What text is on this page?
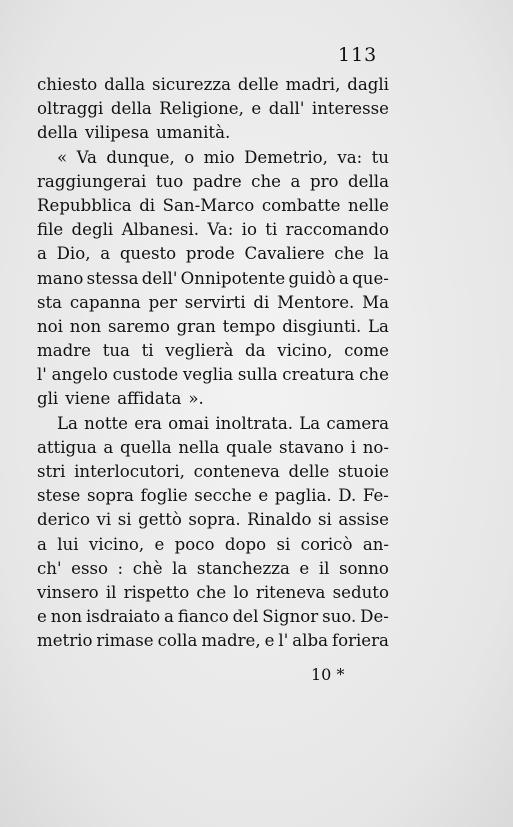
113
chiesto dalla sicurezza delle madri, dagli
oltraggi della Religione, e dall' interesse
della vilipesa umanità.
« Va dunque, o mio Demetrio, va: tu
raggiungerai tuo padre che a pro della
Repubblica di San-Marco combatte nelle
file degli Albanesi. Va: io ti raccomando
a Dio, a questo prode Cavaliere che la
mano stessa dell' Onnipotente guidò a que-
sta capanna per servirti di Mentore. Ma
noi non saremo gran tempo disgiunti. La
madre tua ti veglierà da vicino, come
l' angelo custode veglia sulla creatura che
gli viene affidata ».
La notte era omai inoltrata. La camera
attigua a quella nella quale stavano i no-
stri interlocutori, conteneva delle stuoie
stese sopra foglie secche e paglia. D. Fe-
derico vi si gettò sopra. Rinaldo si assise
a lui vicino, e poco dopo si coricò an-
ch' esso : chè la stanchezza e il sonno
vinsero il rispetto che lo riteneva seduto
e non isdraiato a fianco del Signor suo. De-
metrio rimase colla madre, e l' alba foriera
10 *
